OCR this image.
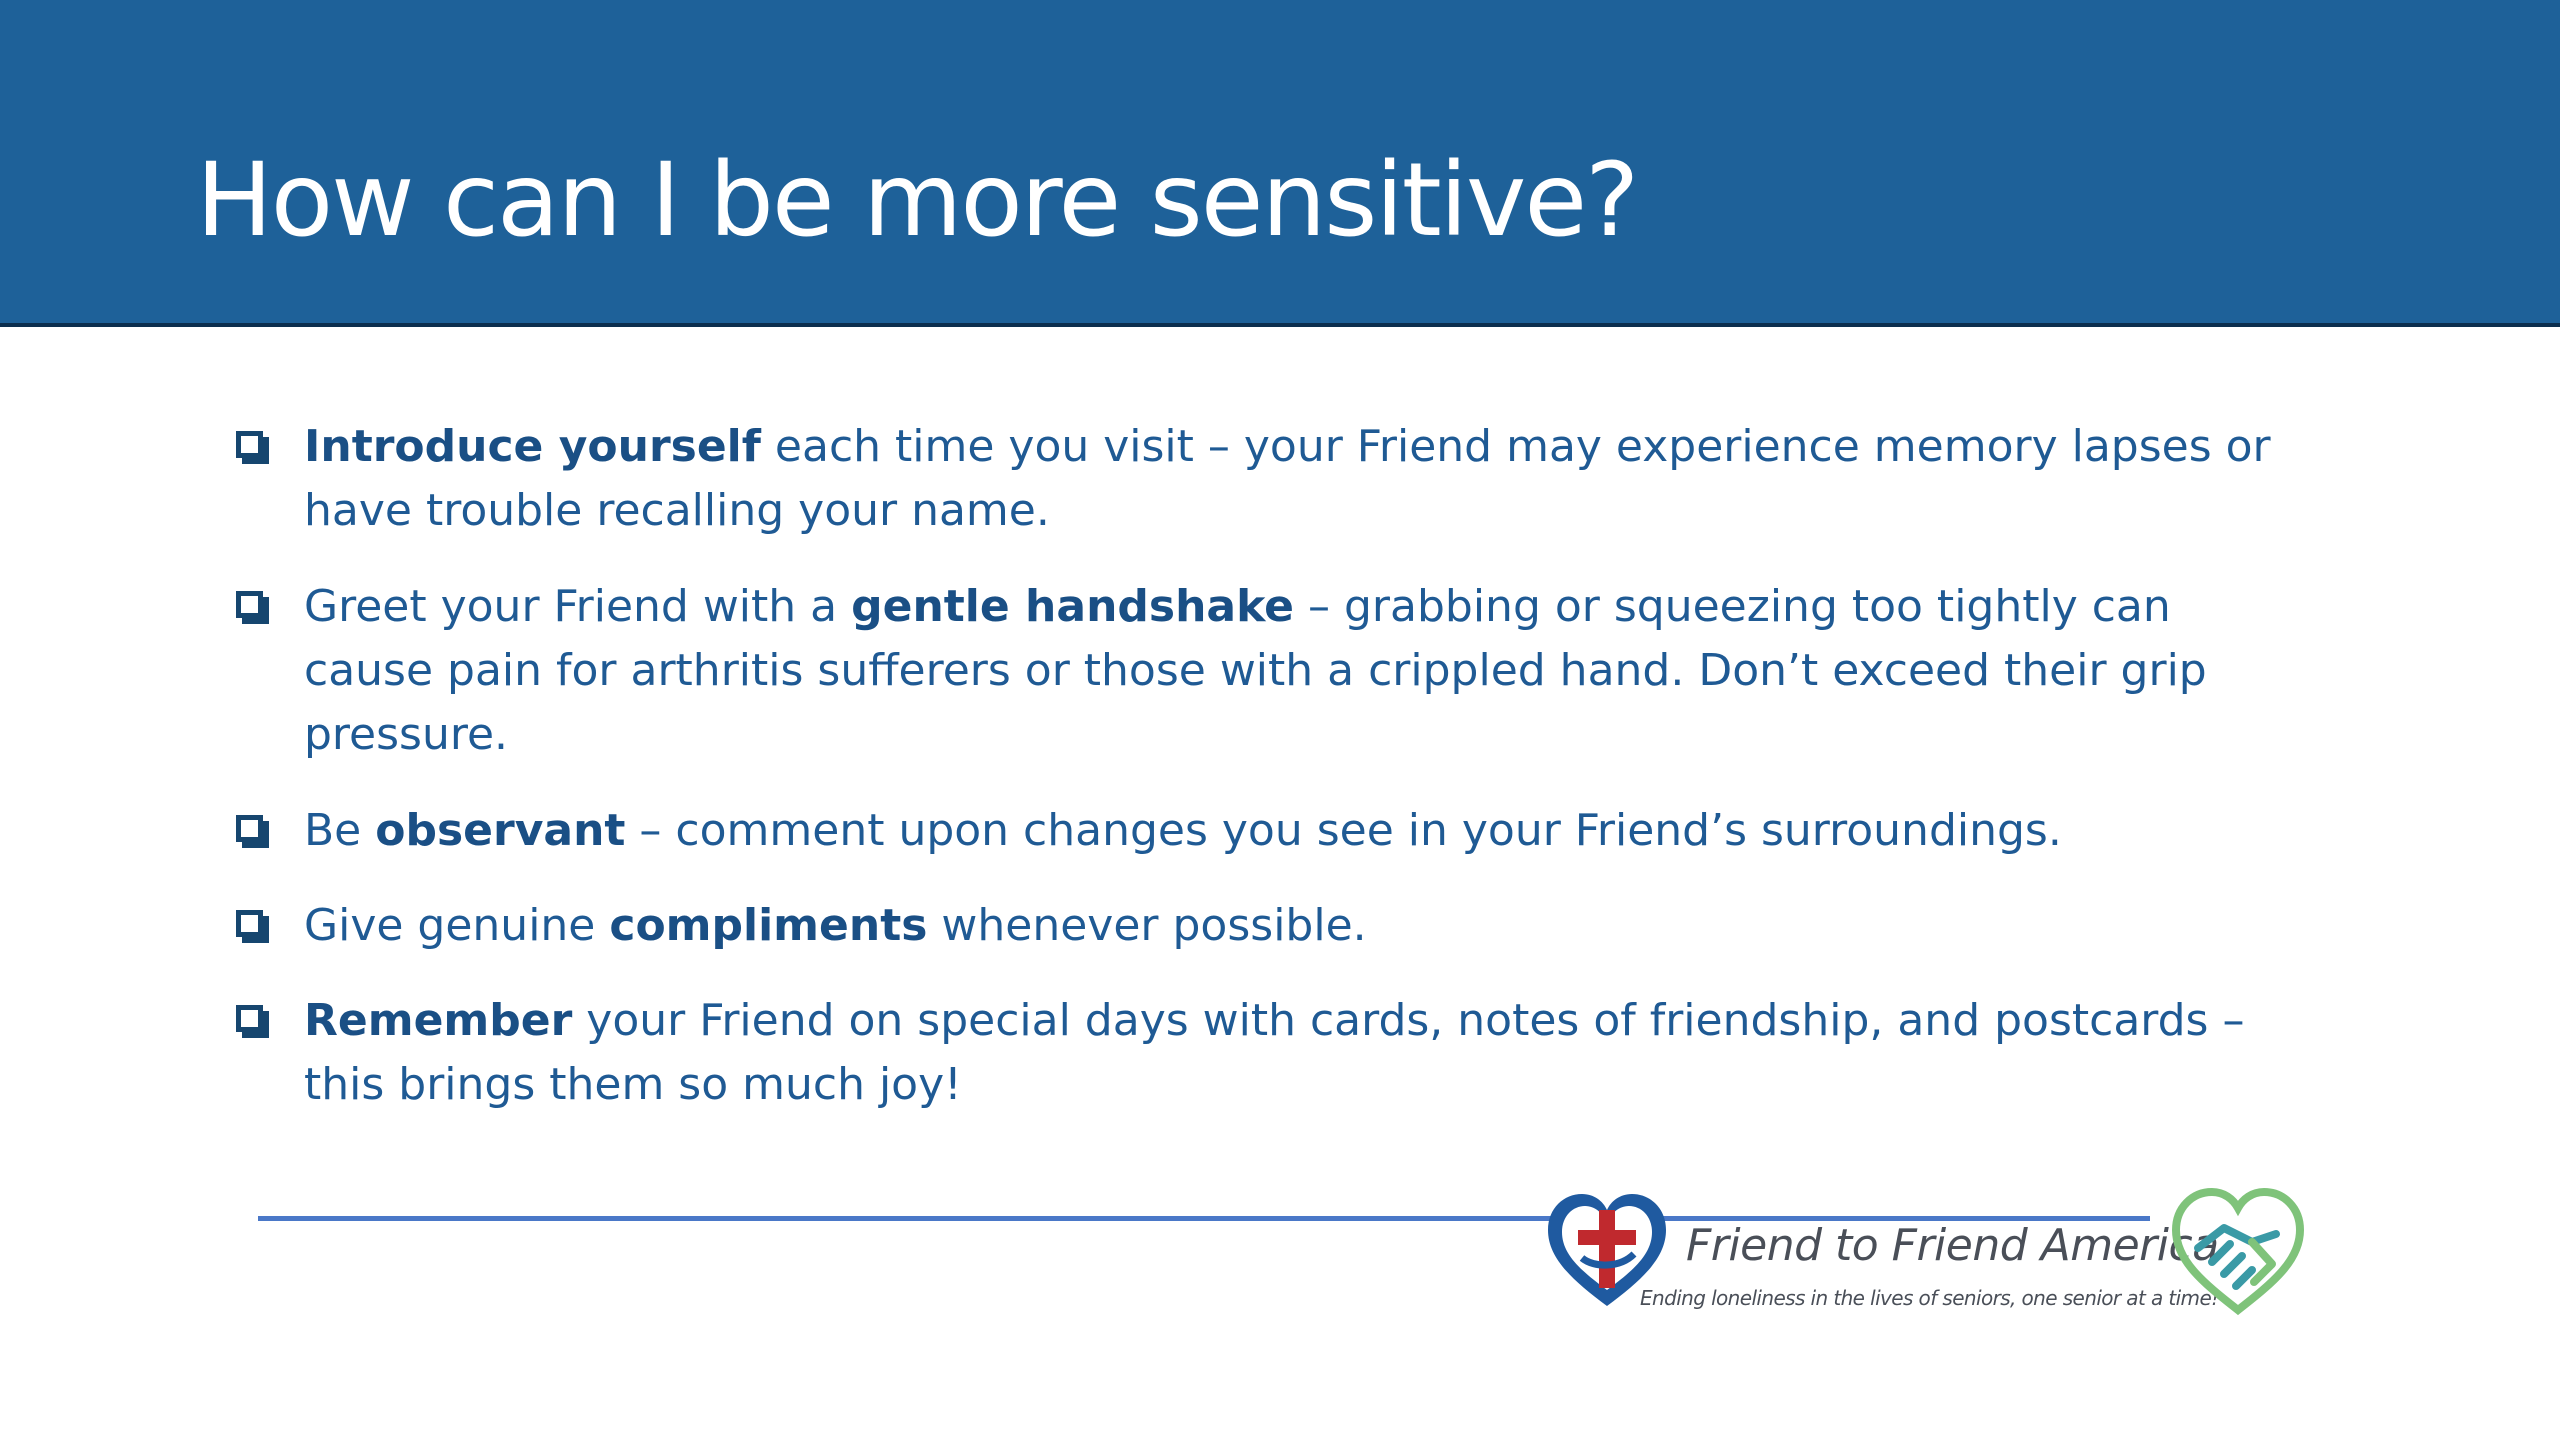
How can I be more sensitive?
Introduce yourself each time you visit – your Friend may experience memory lapses or have trouble recalling your name.
Greet your Friend with a gentle handshake – grabbing or squeezing too tightly can cause pain for arthritis sufferers or those with a crippled hand. Don’t exceed their grip pressure.
Be observant – comment upon changes you see in your Friend’s surroundings.
Give genuine compliments whenever possible.
Remember your Friend on special days with cards, notes of friendship, and postcards – this brings them so much joy!
Friend to Friend America
Ending loneliness in the lives of seniors, one senior at a time!
